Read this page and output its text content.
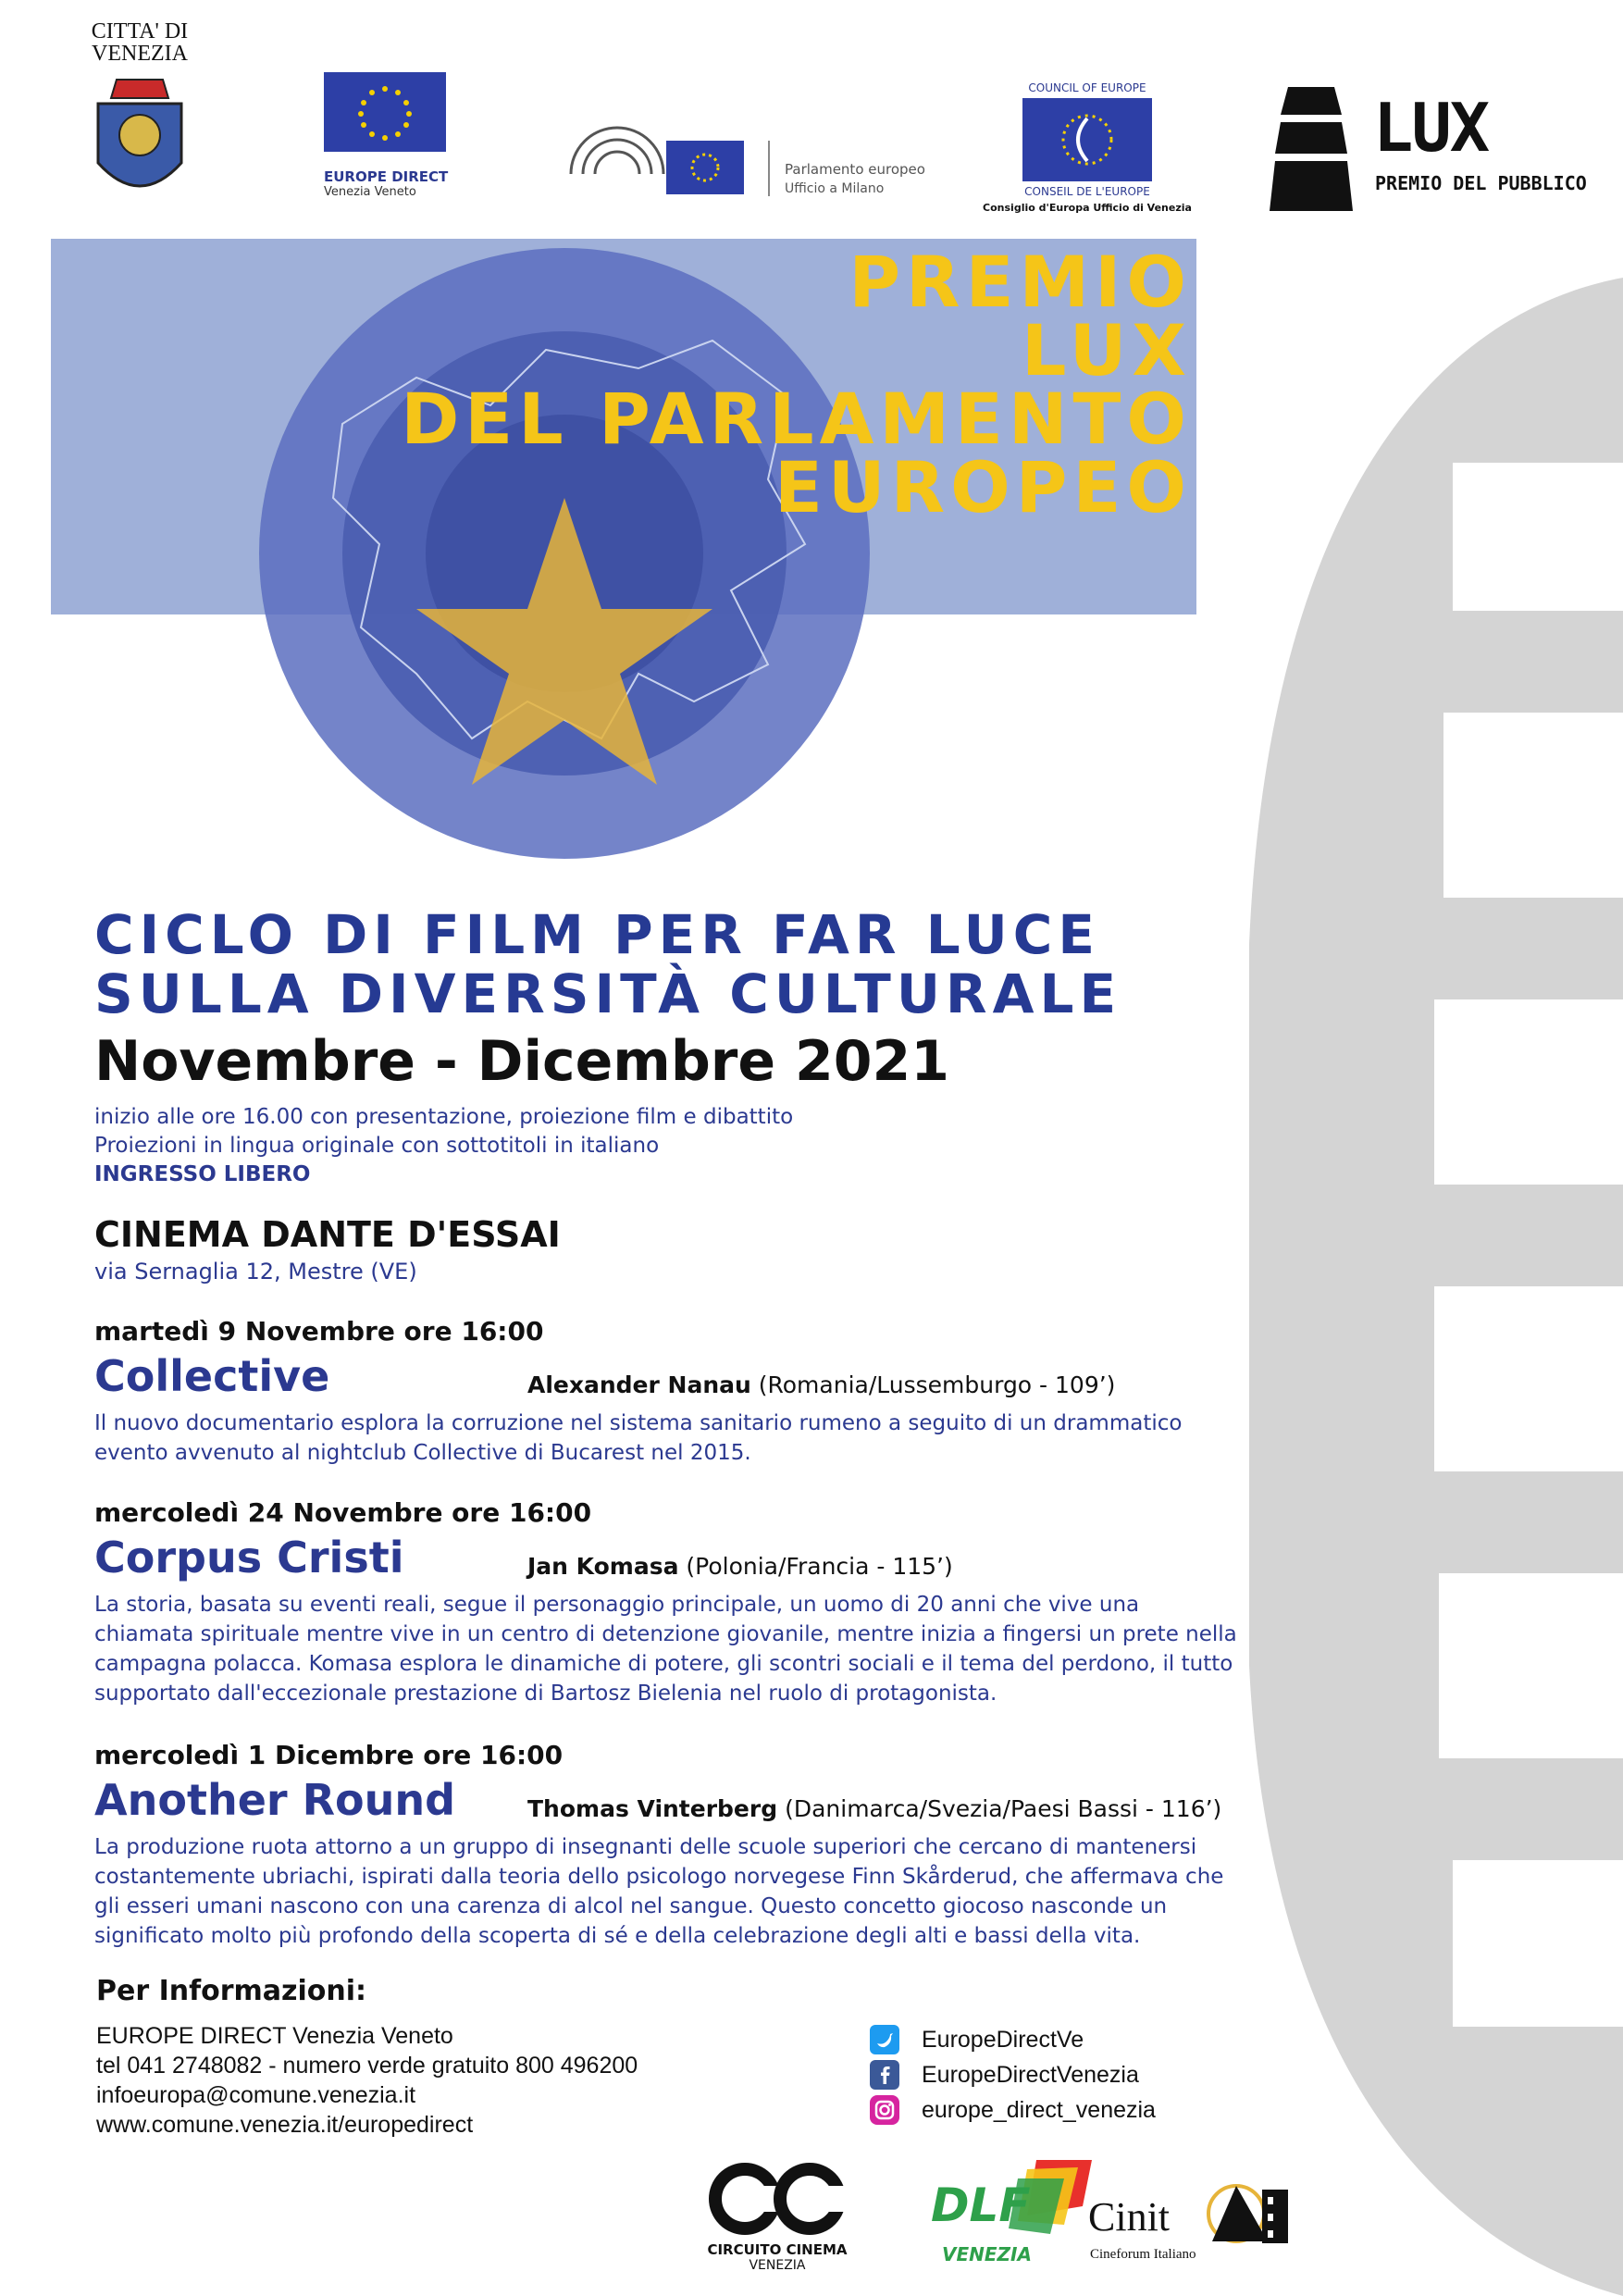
CITTA' DI VENEZIA
EUROPE DIRECT
Venezia Veneto
Parlamento europeo
Ufficio a Milano
COUNCIL OF EUROPE
CONSEIL DE L'EUROPE
Consiglio d'Europa Ufficio di Venezia
LUX
PREMIO DEL PUBBLICO
PREMIO
LUX
DEL PARLAMENTO
EUROPEO
CICLO DI FILM PER FAR LUCE
SULLA DIVERSITÀ CULTURALE
Novembre - Dicembre 2021
inizio alle ore 16.00 con presentazione, proiezione film e dibattito
Proiezioni in lingua originale con sottotitoli in italiano
INGRESSO LIBERO
CINEMA DANTE D'ESSAI
via Sernaglia 12, Mestre (VE)
martedì 9 Novembre ore 16:00
Collective	Alexander Nanau (Romania/Lussemburgo - 109’)
Il nuovo documentario esplora la corruzione nel sistema sanitario rumeno a seguito di un drammatico
evento avvenuto al nightclub Collective di Bucarest nel 2015.
mercoledì 24 Novembre ore 16:00
Corpus Cristi	Jan Komasa (Polonia/Francia - 115’)
La storia, basata su eventi reali, segue il personaggio principale, un uomo di 20 anni che vive una
chiamata spirituale mentre vive in un centro di detenzione giovanile, mentre inizia a fingersi un prete nella
campagna polacca. Komasa esplora le dinamiche di potere, gli scontri sociali e il tema del perdono, il tutto
supportato dall'eccezionale prestazione di Bartosz Bielenia nel ruolo di protagonista.
mercoledì 1 Dicembre ore 16:00
Another Round	Thomas Vinterberg (Danimarca/Svezia/Paesi Bassi - 116’)
La produzione ruota attorno a un gruppo di insegnanti delle scuole superiori che cercano di mantenersi
costantemente ubriachi, ispirati dalla teoria dello psicologo norvegese Finn Skårderud, che affermava che
gli esseri umani nascono con una carenza di alcol nel sangue. Questo concetto giocoso nasconde un
significato molto più profondo della scoperta di sé e della celebrazione degli alti e bassi della vita.
Per Informazioni:
EUROPE DIRECT Venezia Veneto
tel 041 2748082 - numero verde gratuito 800 496200
infoeuropa@comune.venezia.it
www.comune.venezia.it/europedirect
EuropeDirectVe
EuropeDirectVenezia
europe_direct_venezia
CIRCUITO CINEMA
VENEZIA
DLF
VENEZIA
Cinit
Cineforum Italiano
